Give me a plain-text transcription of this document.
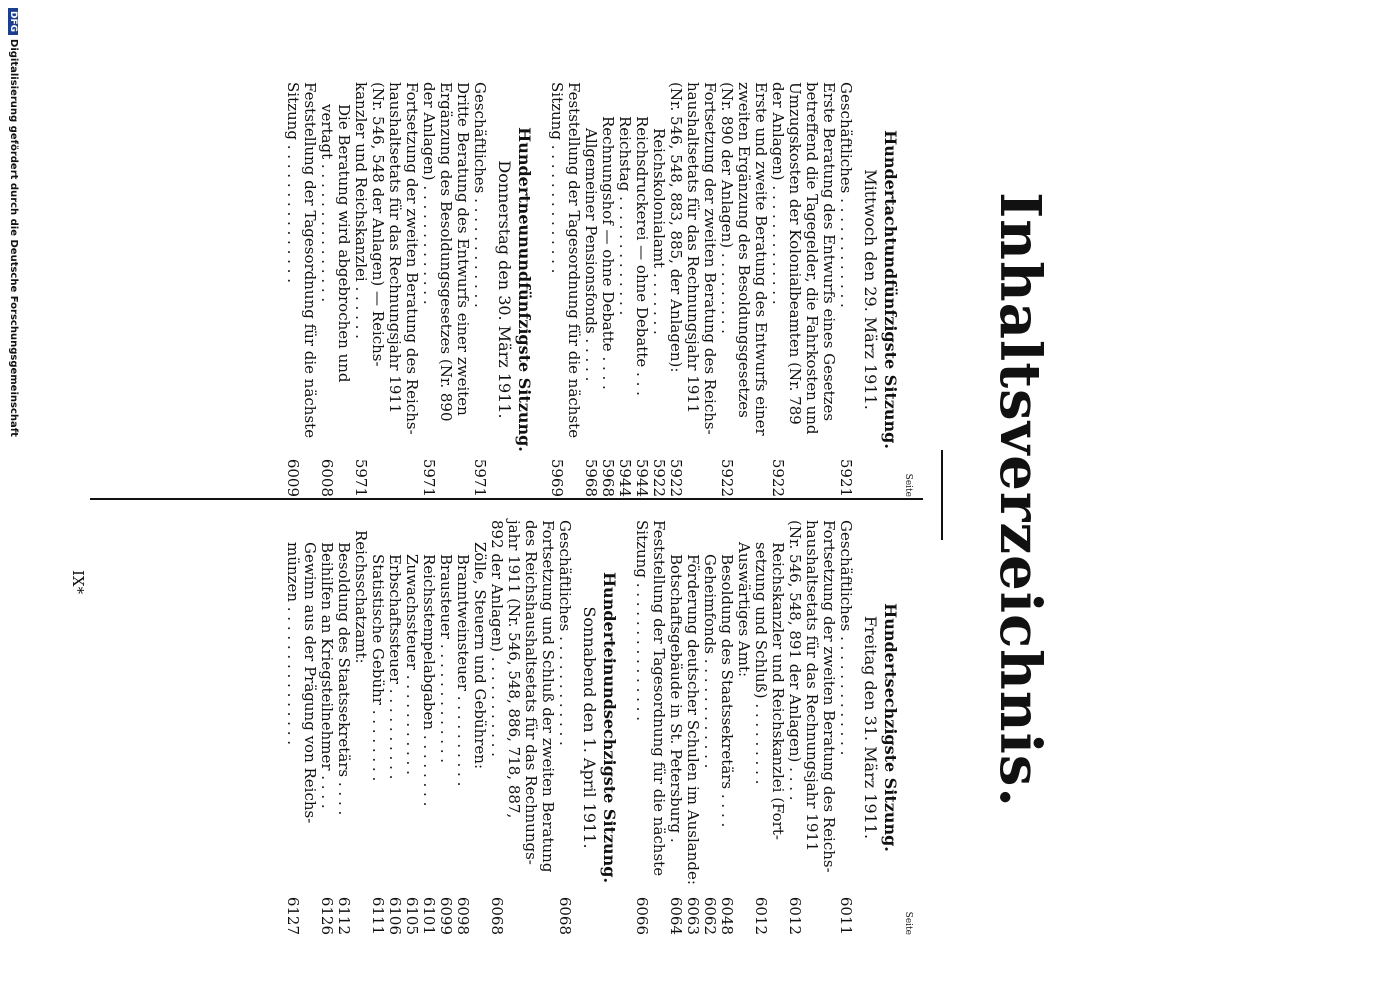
Inhaltsverzeichnis.
Seite
Hundertachtundfünfzigste Sitzung.
Mittwoch den 29. März 1911.
Geschäftliches . . . . . . . . . . . .
5921
Erste Beratung des Entwurfs eines Gesetzes
betreffend die Tagegelder, die Fahrkosten und
Umzugskosten der Kolonialbeamten (Nr. 789
der Anlagen) . . . . . . . . . . . . .
5922
Erste und zweite Beratung des Entwurfs einer
zweiten Ergänzung des Besoldungsgesetzes
(Nr. 890 der Anlagen) . . . . . . . . .
5922
Fortsetzung der zweiten Beratung des Reichs-
haushaltsetats für das Rechnungsjahr 1911
(Nr. 546, 548, 883, 885, der Anlagen):
5922
Reichskolonialamt . . . . . . .
5922
Reichsdruckerei — ohne Debatte . . .
5944
Reichstag . . . . . . . . . . . . .
5944
Rechnungshof — ohne Debatte . . . .
5968
Allgemeiner Pensionsfonds . . . . .
5968
Feststellung der Tagesordnung für die nächste
Sitzung . . . . . . . . . . . . . .
5969
Hundertneunundfünfzigste Sitzung.
Donnerstag den 30. März 1911.
Geschäftliches . . . . . . . . . . . .
5971
Dritte Beratung des Entwurfs einer zweiten
Ergänzung des Besoldungsgesetzes (Nr. 890
der Anlagen) . . . . . . . . . . . . .
5971
Fortsetzung der zweiten Beratung des Reichs-
haushaltsetats für das Rechnungsjahr 1911
(Nr. 546, 548 der Anlagen) — Reichs-
kanzler und Reichskanzlei . . . . . .
5971
Die Beratung wird abgebrochen und
vertagt . . . . . . . . . . . . . . .
6008
Feststellung der Tagesordnung für die nächste
Sitzung . . . . . . . . . . . . . . .
6009
Seite
Hundertsechzigste Sitzung.
Freitag den 31. März 1911.
Geschäftliches . . . . . . . . . . . . .
6011
Fortsetzung der zweiten Beratung des Reichs-
haushaltsetats für das Rechnungsjahr 1911
(Nr. 546, 548, 891 der Anlagen) . . . .
6012
Reichskanzler und Reichskanzlei (Fort-
setzung und Schluß) . . . . . . . . .
6012
Auswärtiges Amt:
Besoldung des Staatssekretärs . . . .
6048
Geheimfonds . . . . . . . . . . . .
6062
Förderung deutscher Schulen im Auslande:
6063
Botschaftsgebäude in St. Petersburg .
6064
Feststellung der Tagesordnung für die nächste
Sitzung . . . . . . . . . . . . . . .
6066
Hunderteinundsechzigste Sitzung.
Sonnabend den 1. April 1911.
Geschäftliches . . . . . . . . . . . .
6068
Fortsetzung und Schluß der zweiten Beratung
des Reichshaushaltsetats für das Rechnungs-
jahr 1911 (Nr. 546, 548, 886, 718, 887,
892 der Anlagen) . . . . . . . . . . .
6068
Zölle, Steuern und Gebühren:
Branntweinsteuer . . . . . . . . . .
6098
Brausteuer . . . . . . . . . . . . .
6099
Reichsstempelabgaben . . . . . . . .
6101
Zuwachssteuer . . . . . . . . . . .
6105
Erbschaftssteuer . . . . . . . . . .
6106
Statistische Gebühr . . . . . . . .
6111
Reichsschatzamt:
Besoldung des Staatssekretärs . . . .
6112
Beihilfen an Kriegsteilnehmer . . . .
6126
Gewinn aus der Prägung von Reichs-
münzen . . . . . . . . . . . . . . .
6127
IX*
DFGDigitalisierung gefördert durch die Deutsche Forschungsgemeinschaft
